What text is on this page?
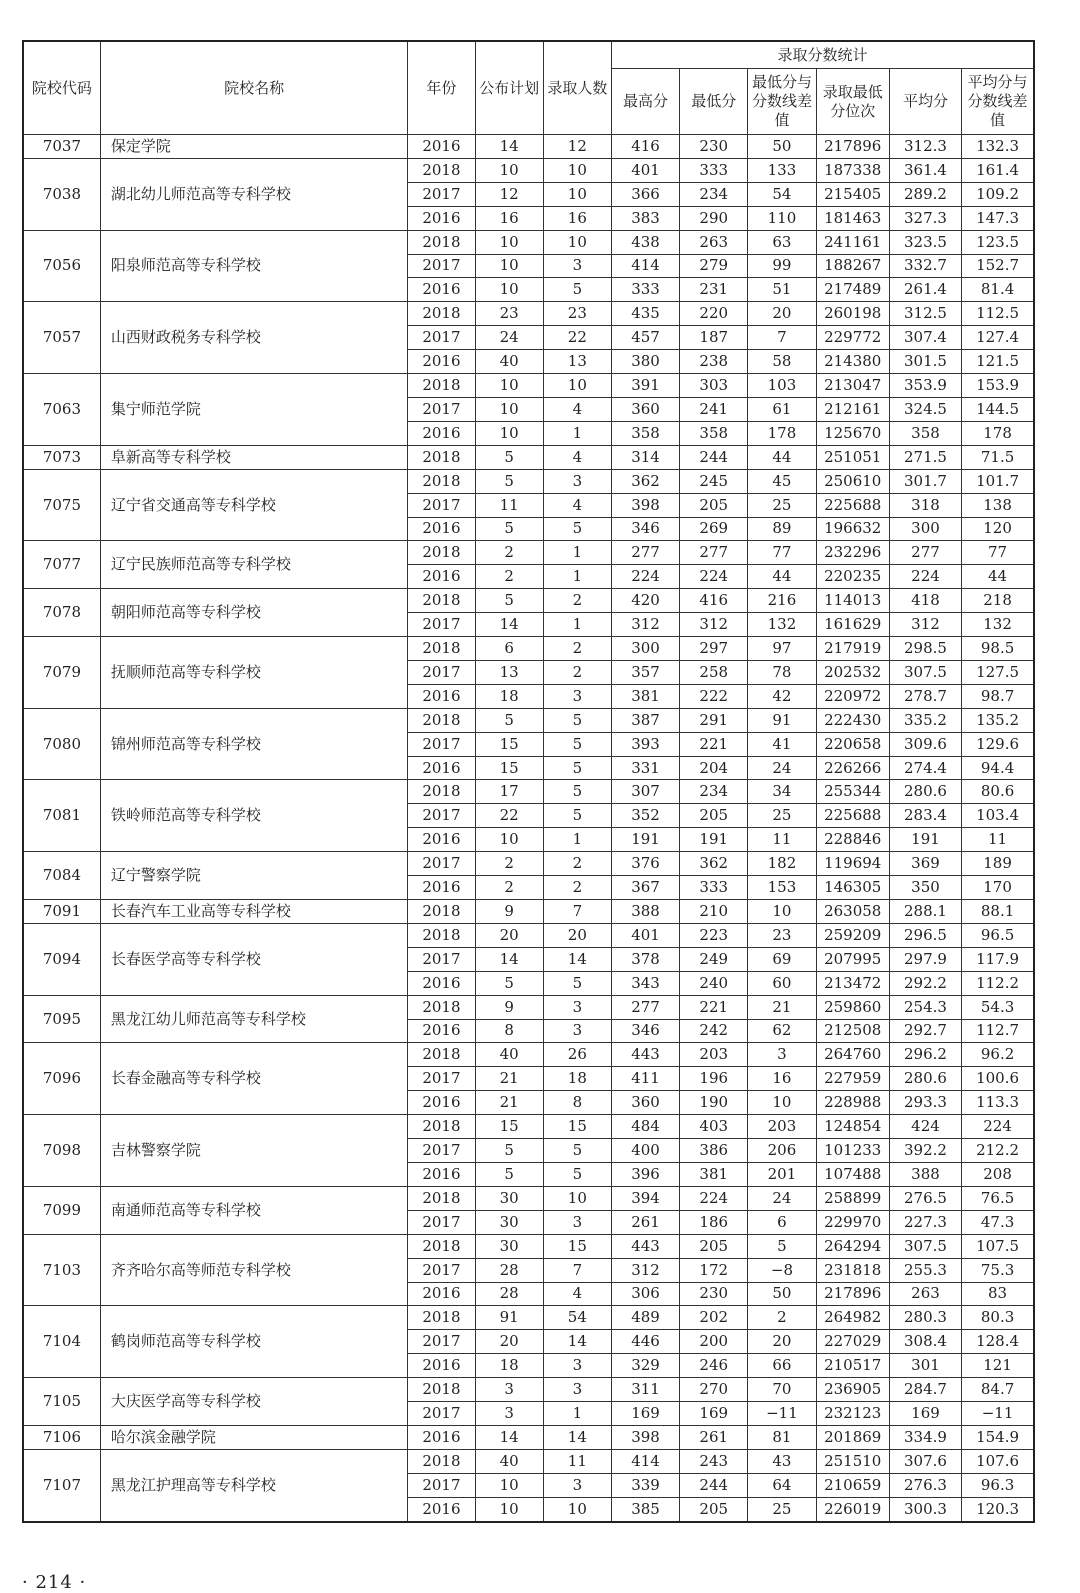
院校代码	院校名称	年份	公布计划	录取人数	录取分数统计					
					最高分	最低分	最低分与分数线差值	录取最低分位次	平均分	平均分与分数线差值
7037	保定学院	2016	14	12	416	230	50	217896	312.3	132.3
7038	湖北幼儿师范高等专科学校	2018	10	10	401	333	133	187338	361.4	161.4
		2017	12	10	366	234	54	215405	289.2	109.2
		2016	16	16	383	290	110	181463	327.3	147.3
7056	阳泉师范高等专科学校	2018	10	10	438	263	63	241161	323.5	123.5
		2017	10	3	414	279	99	188267	332.7	152.7
		2016	10	5	333	231	51	217489	261.4	81.4
7057	山西财政税务专科学校	2018	23	23	435	220	20	260198	312.5	112.5
		2017	24	22	457	187	7	229772	307.4	127.4
		2016	40	13	380	238	58	214380	301.5	121.5
7063	集宁师范学院	2018	10	10	391	303	103	213047	353.9	153.9
		2017	10	4	360	241	61	212161	324.5	144.5
		2016	10	1	358	358	178	125670	358	178
7073	阜新高等专科学校	2018	5	4	314	244	44	251051	271.5	71.5
7075	辽宁省交通高等专科学校	2018	5	3	362	245	45	250610	301.7	101.7
		2017	11	4	398	205	25	225688	318	138
		2016	5	5	346	269	89	196632	300	120
7077	辽宁民族师范高等专科学校	2018	2	1	277	277	77	232296	277	77
		2016	2	1	224	224	44	220235	224	44
7078	朝阳师范高等专科学校	2018	5	2	420	416	216	114013	418	218
		2017	14	1	312	312	132	161629	312	132
7079	抚顺师范高等专科学校	2018	6	2	300	297	97	217919	298.5	98.5
		2017	13	2	357	258	78	202532	307.5	127.5
		2016	18	3	381	222	42	220972	278.7	98.7
7080	锦州师范高等专科学校	2018	5	5	387	291	91	222430	335.2	135.2
		2017	15	5	393	221	41	220658	309.6	129.6
		2016	15	5	331	204	24	226266	274.4	94.4
7081	铁岭师范高等专科学校	2018	17	5	307	234	34	255344	280.6	80.6
		2017	22	5	352	205	25	225688	283.4	103.4
		2016	10	1	191	191	11	228846	191	11
7084	辽宁警察学院	2017	2	2	376	362	182	119694	369	189
		2016	2	2	367	333	153	146305	350	170
7091	长春汽车工业高等专科学校	2018	9	7	388	210	10	263058	288.1	88.1
7094	长春医学高等专科学校	2018	20	20	401	223	23	259209	296.5	96.5
		2017	14	14	378	249	69	207995	297.9	117.9
		2016	5	5	343	240	60	213472	292.2	112.2
7095	黑龙江幼儿师范高等专科学校	2018	9	3	277	221	21	259860	254.3	54.3
		2016	8	3	346	242	62	212508	292.7	112.7
7096	长春金融高等专科学校	2018	40	26	443	203	3	264760	296.2	96.2
		2017	21	18	411	196	16	227959	280.6	100.6
		2016	21	8	360	190	10	228988	293.3	113.3
7098	吉林警察学院	2018	15	15	484	403	203	124854	424	224
		2017	5	5	400	386	206	101233	392.2	212.2
		2016	5	5	396	381	201	107488	388	208
7099	南通师范高等专科学校	2018	30	10	394	224	24	258899	276.5	76.5
		2017	30	3	261	186	6	229970	227.3	47.3
7103	齐齐哈尔高等师范专科学校	2018	30	15	443	205	5	264294	307.5	107.5
		2017	28	7	312	172	−8	231818	255.3	75.3
		2016	28	4	306	230	50	217896	263	83
7104	鹤岗师范高等专科学校	2018	91	54	489	202	2	264982	280.3	80.3
		2017	20	14	446	200	20	227029	308.4	128.4
		2016	18	3	329	246	66	210517	301	121
7105	大庆医学高等专科学校	2018	3	3	311	270	70	236905	284.7	84.7
		2017	3	1	169	169	−11	232123	169	−11
7106	哈尔滨金融学院	2016	14	14	398	261	81	201869	334.9	154.9
7107	黑龙江护理高等专科学校	2018	40	11	414	243	43	251510	307.6	107.6
		2017	10	3	339	244	64	210659	276.3	96.3
		2016	10	10	385	205	25	226019	300.3	120.3
· 214 ·
